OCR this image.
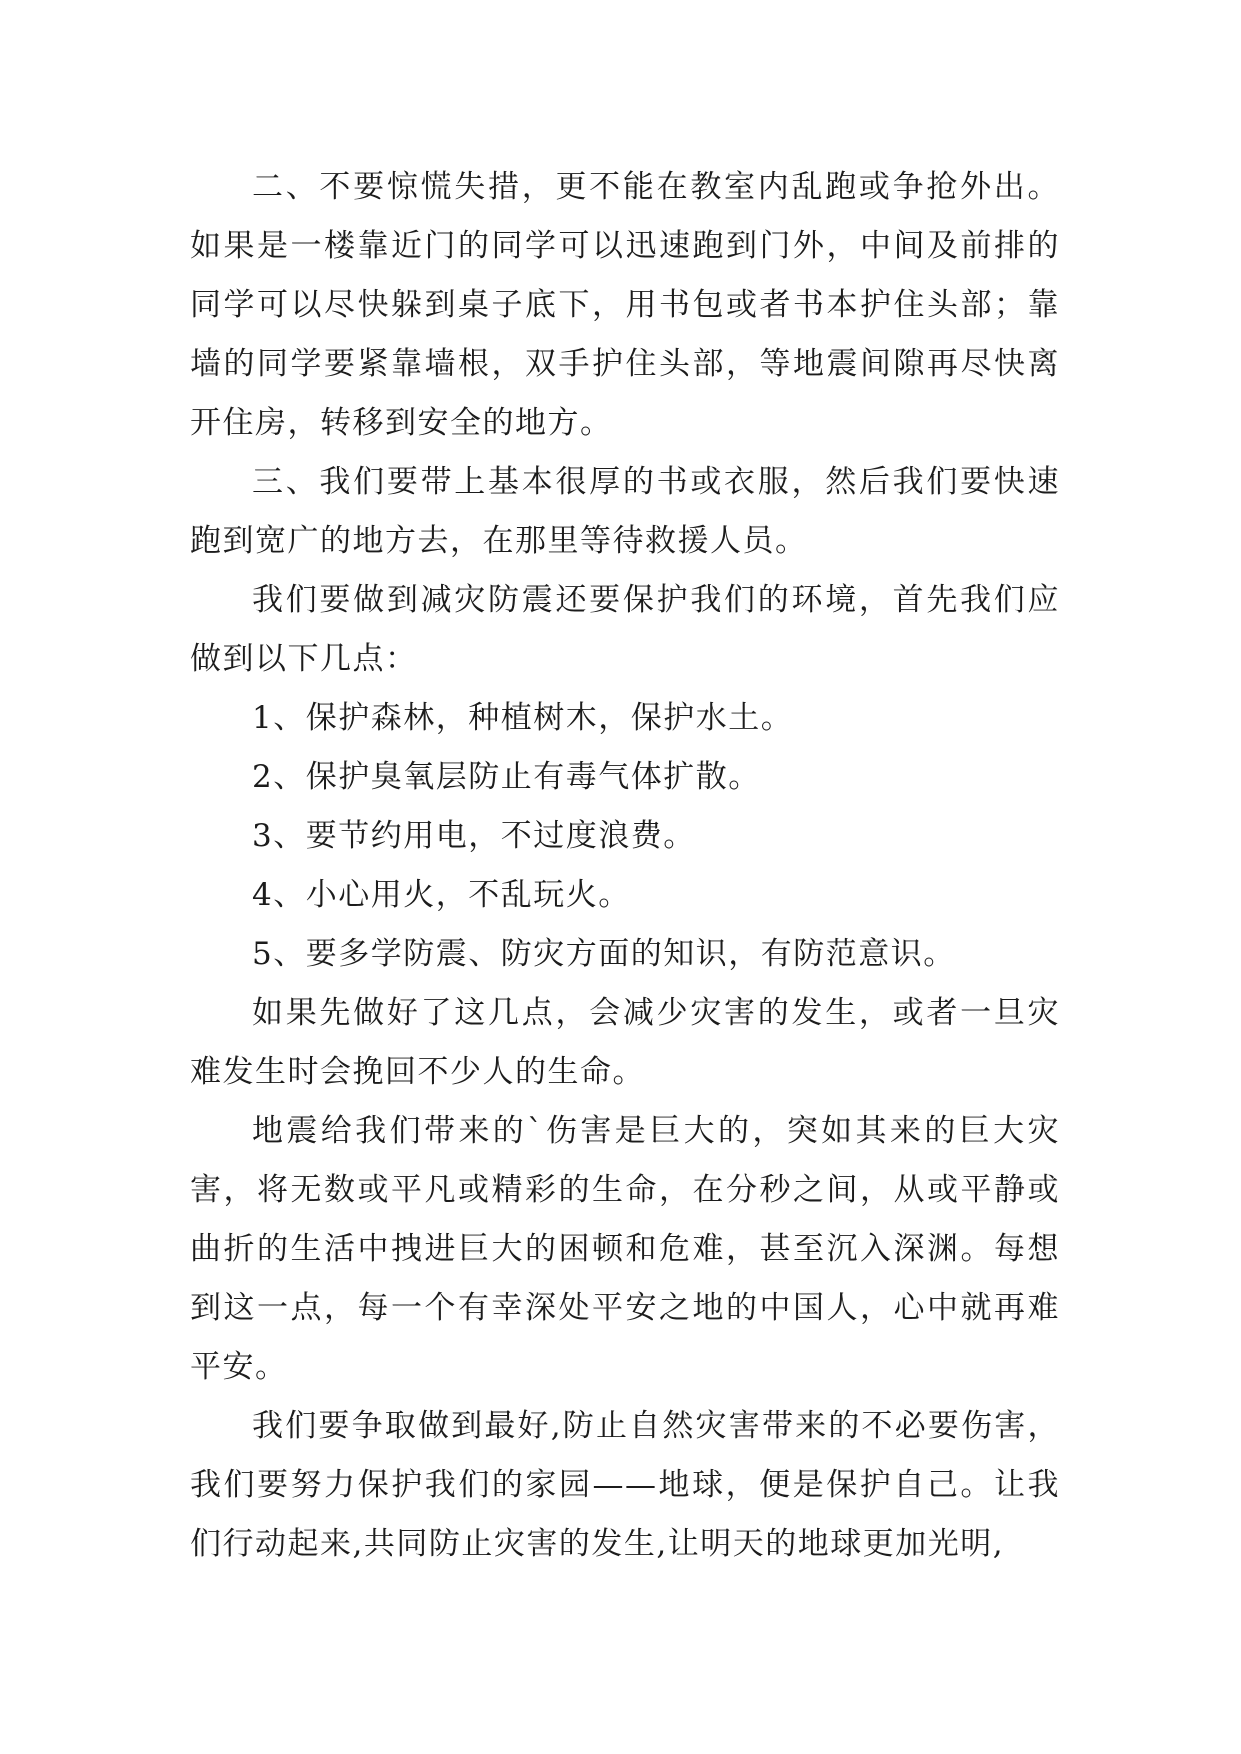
二、不要惊慌失措，更不能在教室内乱跑或争抢外出。如果是一楼靠近门的同学可以迅速跑到门外，中间及前排的同学可以尽快躲到桌子底下，用书包或者书本护住头部；靠墙的同学要紧靠墙根，双手护住头部，等地震间隙再尽快离开住房，转移到安全的地方。

三、我们要带上基本很厚的书或衣服，然后我们要快速跑到宽广的地方去，在那里等待救援人员。

我们要做到减灾防震还要保护我们的环境，首先我们应做到以下几点：

1、保护森林，种植树木，保护水土。

2、保护臭氧层防止有毒气体扩散。

3、要节约用电，不过度浪费。

4、小心用火，不乱玩火。

5、要多学防震、防灾方面的知识，有防范意识。

如果先做好了这几点，会减少灾害的发生，或者一旦灾难发生时会挽回不少人的生命。

地震给我们带来的`伤害是巨大的，突如其来的巨大灾害，将无数或平凡或精彩的生命，在分秒之间，从或平静或曲折的生活中拽进巨大的困顿和危难，甚至沉入深渊。每想到这一点，每一个有幸深处平安之地的中国人，心中就再难平安。

我们要争取做到最好,防止自然灾害带来的不必要伤害，我们要努力保护我们的家园——地球，便是保护自己。让我们行动起来,共同防止灾害的发生,让明天的地球更加光明,
